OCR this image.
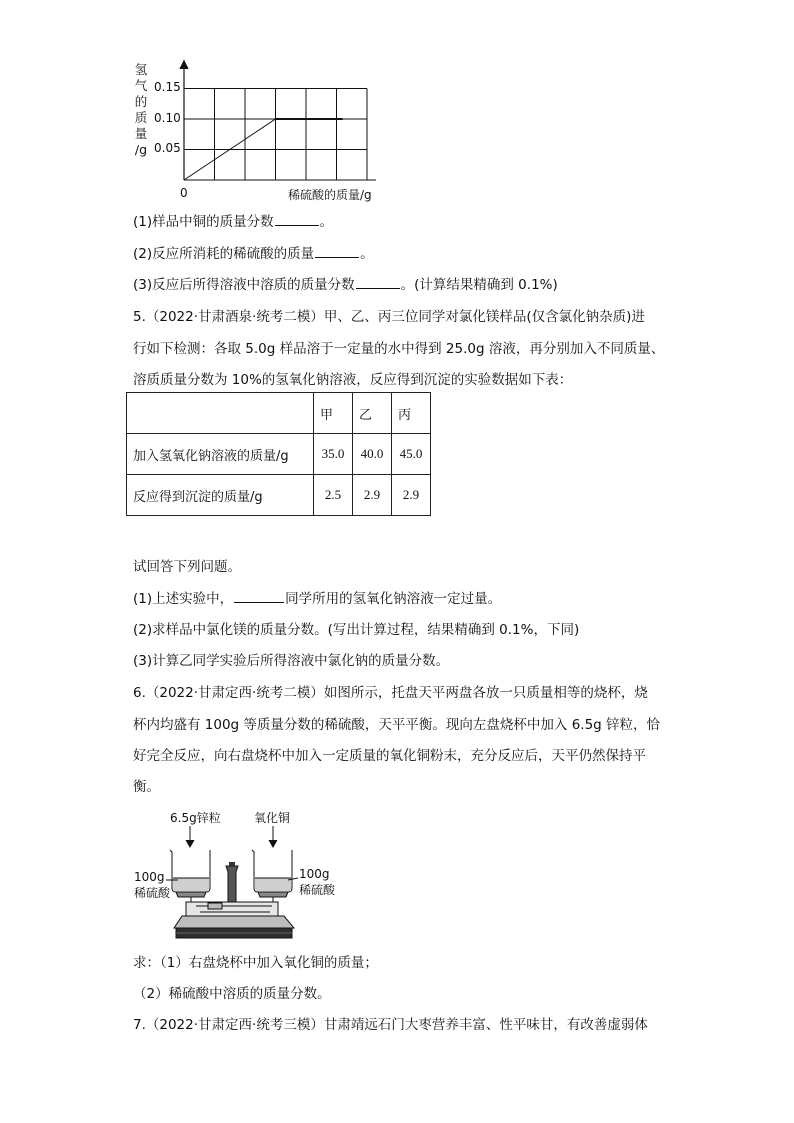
氢
气
的
质
量
/g
0.15
0.10
0.05
0	稀硫酸的质量/g
(1)样品中铜的质量分数	。
(2)反应所消耗的稀硫酸的质量	。
(3)反应后所得溶液中溶质的质量分数	。(计算结果精确到 0.1%)
5.（2022·甘肃酒泉·统考二模）甲、乙、丙三位同学对氯化镁样品(仅含氯化钠杂质)进
行如下检测：各取 5.0g 样品溶于一定量的水中得到 25.0g 溶液，再分别加入不同质量、
溶质质量分数为 10%的氢氧化钠溶液，反应得到沉淀的实验数据如下表：
	甲	乙	丙
加入氢氧化钠溶液的质量/g	35.0	40.0	45.0
反应得到沉淀的质量/g	2.5	2.9	2.9
试回答下列问题。
(1)上述实验中，	同学所用的氢氧化钠溶液一定过量。
(2)求样品中氯化镁的质量分数。(写出计算过程，结果精确到 0.1%，下同)
(3)计算乙同学实验后所得溶液中氯化钠的质量分数。
6.（2022·甘肃定西·统考二模）如图所示，托盘天平两盘各放一只质量相等的烧杯，烧
杯内均盛有 100g 等质量分数的稀硫酸，天平平衡。现向左盘烧杯中加入 6.5g 锌粒，恰
好完全反应，向右盘烧杯中加入一定质量的氧化铜粉末，充分反应后，天平仍然保持平
衡。
6.5g锌粒	氧化铜
100g
稀硫酸
100g
稀硫酸
求：（1）右盘烧杯中加入氧化铜的质量；
（2）稀硫酸中溶质的质量分数。
7.（2022·甘肃定西·统考三模）甘肃靖远石门大枣营养丰富、性平味甘，有改善虚弱体
